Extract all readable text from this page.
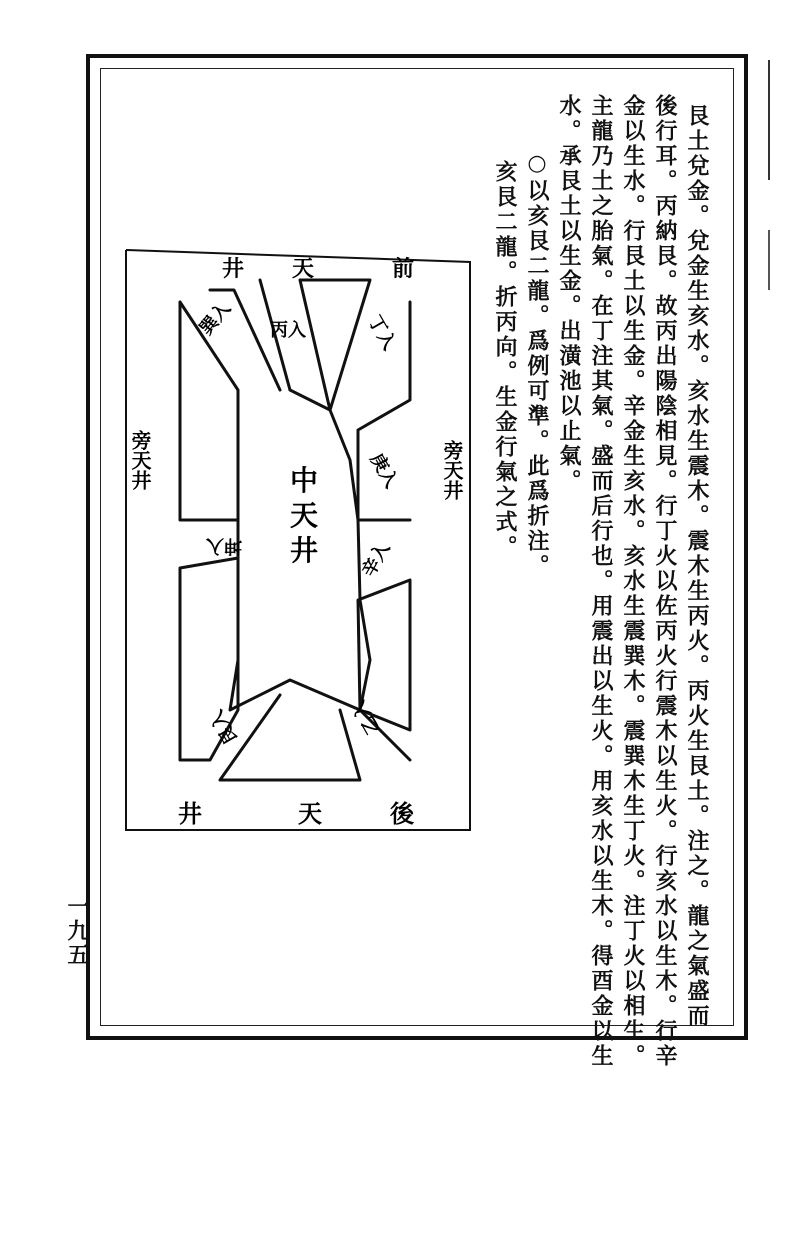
艮土兌金。兌金生亥水。亥水生震木。震木生丙火。丙火生艮土。注之。龍之氣盛而
後行耳。丙納艮。故丙出陽陰相見。行丁火以佐丙火行震木以生火。行亥水以生木。行辛
金以生水。行艮土以生金。辛金生亥水。亥水生震巽木。震巽木生丁火。注丁火以相生。
主龍乃土之胎氣。在丁注其氣。盛而后行也。用震出以生火。用亥水以生木。得酉金以生
水。承艮土以生金。出潢池以止氣。
○以亥艮二龍。爲例可準。此爲折注。
亥艮二龍。折丙向。生金行氣之式。
井 天	前
旁天井	旁天井
中
天
井
巽入 丙入	丁入
庚入
辛入
坤入
乙入
艮入
井	天	後
一九五
